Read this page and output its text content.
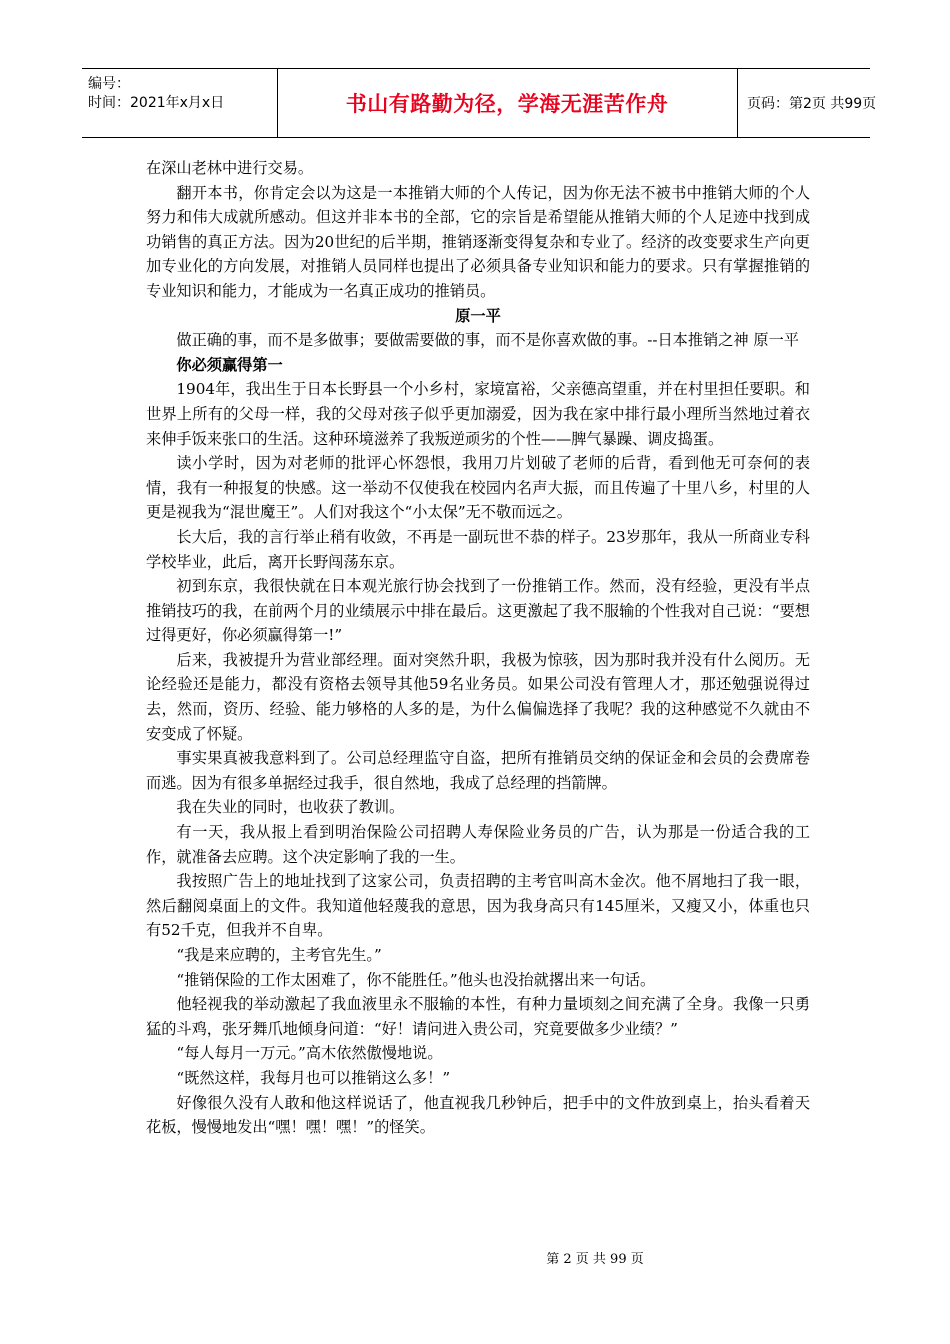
编号：
时间：2021年x月x日	书山有路勤为径，学海无涯苦作舟	页码：第2页 共99页

在深山老林中进行交易。

翻开本书，你肯定会以为这是一本推销大师的个人传记，因为你无法不被书中推销大师的个人努力和伟大成就所感动。但这并非本书的全部，它的宗旨是希望能从推销大师的个人足迹中找到成功销售的真正方法。因为20世纪的后半期，推销逐渐变得复杂和专业了。经济的改变要求生产向更加专业化的方向发展，对推销人员同样也提出了必须具备专业知识和能力的要求。只有掌握推销的专业知识和能力，才能成为一名真正成功的推销员。

原一平

做正确的事，而不是多做事；要做需要做的事，而不是你喜欢做的事。--日本推销之神 原一平

你必须赢得第一

1904年，我出生于日本长野县一个小乡村，家境富裕，父亲德高望重，并在村里担任要职。和世界上所有的父母一样，我的父母对孩子似乎更加溺爱，因为我在家中排行最小理所当然地过着衣来伸手饭来张口的生活。这种环境滋养了我叛逆顽劣的个性——脾气暴躁、调皮捣蛋。

读小学时，因为对老师的批评心怀怨恨，我用刀片划破了老师的后背，看到他无可奈何的表情，我有一种报复的快感。这一举动不仅使我在校园内名声大振，而且传遍了十里八乡，村里的人更是视我为“混世魔王”。人们对我这个“小太保”无不敬而远之。

长大后，我的言行举止稍有收敛，不再是一副玩世不恭的样子。23岁那年，我从一所商业专科学校毕业，此后，离开长野闯荡东京。

初到东京，我很快就在日本观光旅行协会找到了一份推销工作。然而，没有经验，更没有半点推销技巧的我，在前两个月的业绩展示中排在最后。这更激起了我不服输的个性我对自己说：“要想过得更好，你必须赢得第一!”

后来，我被提升为营业部经理。面对突然升职，我极为惊骇，因为那时我并没有什么阅历。无论经验还是能力，都没有资格去领导其他59名业务员。如果公司没有管理人才，那还勉强说得过去，然而，资历、经验、能力够格的人多的是，为什么偏偏选择了我呢？我的这种感觉不久就由不安变成了怀疑。

事实果真被我意料到了。公司总经理监守自盗，把所有推销员交纳的保证金和会员的会费席卷而逃。因为有很多单据经过我手，很自然地，我成了总经理的挡箭牌。

我在失业的同时，也收获了教训。

有一天，我从报上看到明治保险公司招聘人寿保险业务员的广告，认为那是一份适合我的工作，就准备去应聘。这个决定影响了我的一生。

我按照广告上的地址找到了这家公司，负责招聘的主考官叫高木金次。他不屑地扫了我一眼，然后翻阅桌面上的文件。我知道他轻蔑我的意思，因为我身高只有145厘米，又瘦又小，体重也只有52千克，但我并不自卑。

“我是来应聘的，主考官先生。”

“推销保险的工作太困难了，你不能胜任。”他头也没抬就撂出来一句话。

他轻视我的举动激起了我血液里永不服输的本性，有种力量顷刻之间充满了全身。我像一只勇猛的斗鸡，张牙舞爪地倾身问道：“好！请问进入贵公司，究竟要做多少业绩？”

“每人每月一万元。”高木依然傲慢地说。

“既然这样，我每月也可以推销这么多！”

好像很久没有人敢和他这样说话了，他直视我几秒钟后，把手中的文件放到桌上，抬头看着天花板，慢慢地发出“嘿！嘿！嘿！”的怪笑。

第 2 页 共 99 页
